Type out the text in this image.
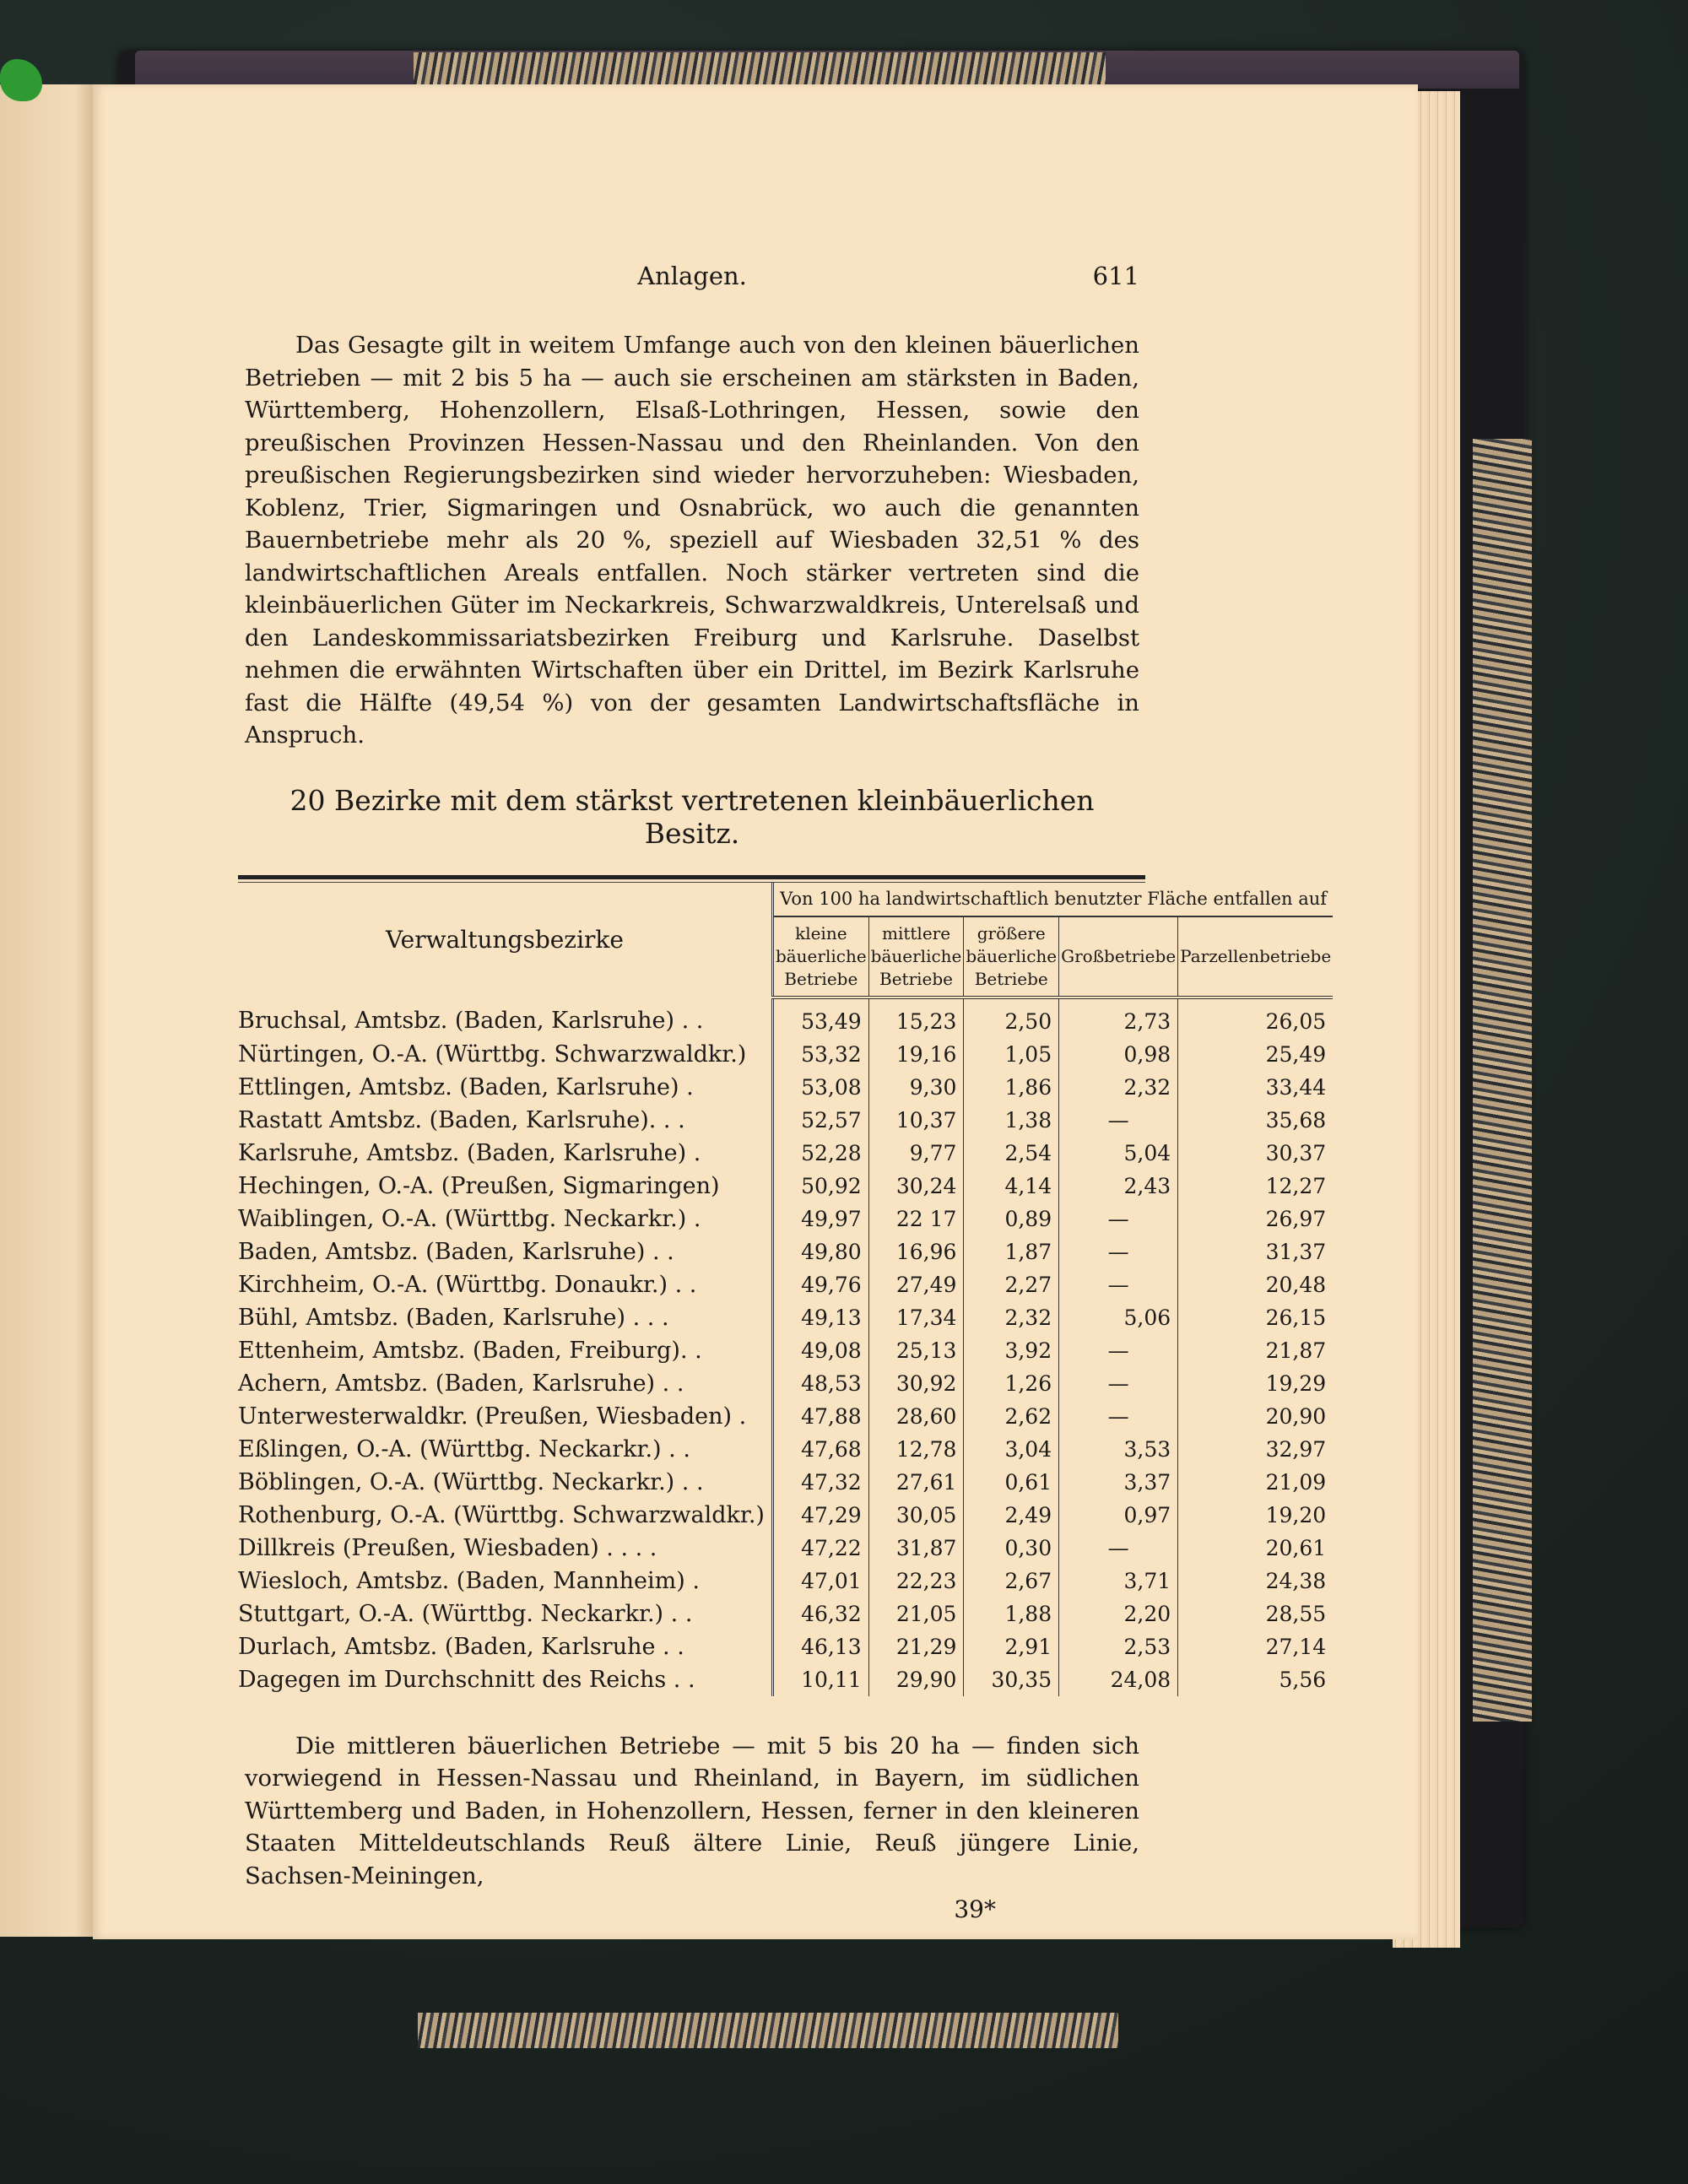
Anlagen.	611

Das Gesagte gilt in weitem Umfange auch von den kleinen bäuerlichen Betrieben — mit 2 bis 5 ha — auch sie erscheinen am stärksten in Baden, Württemberg, Hohenzollern, Elsaß-Lothringen, Hessen, sowie den preußischen Provinzen Hessen-Nassau und den Rheinlanden. Von den preußischen Regierungsbezirken sind wieder hervorzuheben: Wiesbaden, Koblenz, Trier, Sigmaringen und Osnabrück, wo auch die genannten Bauernbetriebe mehr als 20 %, speziell auf Wiesbaden 32,51 % des landwirtschaftlichen Areals entfallen. Noch stärker vertreten sind die kleinbäuerlichen Güter im Neckarkreis, Schwarzwaldkreis, Unterelsaß und den Landeskommissariatsbezirken Freiburg und Karlsruhe. Daselbst nehmen die erwähnten Wirtschaften über ein Drittel, im Bezirk Karlsruhe fast die Hälfte (49,54 %) von der gesamten Landwirtschaftsfläche in Anspruch.

20 Bezirke mit dem stärkst vertretenen kleinbäuerlichen Besitz.
Verwaltungsbezirke	Von 100 ha landwirtschaftlich benutzter Fläche entfallen auf				
	kleine bäuerliche Betriebe	mittlere bäuerliche Betriebe	größere bäuerliche Betriebe	Großbetriebe	Parzellenbetriebe
Bruchsal, Amtsbz. (Baden, Karlsruhe) . .	53,49	15,23	2,50	2,73	26,05
Nürtingen, O.-A. (Württbg. Schwarzwaldkr.)	53,32	19,16	1,05	0,98	25,49
Ettlingen, Amtsbz. (Baden, Karlsruhe) .	53,08	9,30	1,86	2,32	33,44
Rastatt Amtsbz. (Baden, Karlsruhe). . .	52,57	10,37	1,38	—	35,68
Karlsruhe, Amtsbz. (Baden, Karlsruhe) .	52,28	9,77	2,54	5,04	30,37
Hechingen, O.-A. (Preußen, Sigmaringen)	50,92	30,24	4,14	2,43	12,27
Waiblingen, O.-A. (Württbg. Neckarkr.) .	49,97	22 17	0,89	—	26,97
Baden, Amtsbz. (Baden, Karlsruhe) . .	49,80	16,96	1,87	—	31,37
Kirchheim, O.-A. (Württbg. Donaukr.) . .	49,76	27,49	2,27	—	20,48
Bühl, Amtsbz. (Baden, Karlsruhe) . . .	49,13	17,34	2,32	5,06	26,15
Ettenheim, Amtsbz. (Baden, Freiburg). .	49,08	25,13	3,92	—	21,87
Achern, Amtsbz. (Baden, Karlsruhe) . .	48,53	30,92	1,26	—	19,29
Unterwesterwaldkr. (Preußen, Wiesbaden) .	47,88	28,60	2,62	—	20,90
Eßlingen, O.-A. (Württbg. Neckarkr.) . .	47,68	12,78	3,04	3,53	32,97
Böblingen, O.-A. (Württbg. Neckarkr.) . .	47,32	27,61	0,61	3,37	21,09
Rothenburg, O.-A. (Württbg. Schwarzwaldkr.)	47,29	30,05	2,49	0,97	19,20
Dillkreis (Preußen, Wiesbaden) . . . .	47,22	31,87	0,30	—	20,61
Wiesloch, Amtsbz. (Baden, Mannheim) .	47,01	22,23	2,67	3,71	24,38
Stuttgart, O.-A. (Württbg. Neckarkr.) . .	46,32	21,05	1,88	2,20	28,55
Durlach, Amtsbz. (Baden, Karlsruhe . .	46,13	21,29	2,91	2,53	27,14
Dagegen im Durchschnitt des Reichs . .	10,11	29,90	30,35	24,08	5,56

Die mittleren bäuerlichen Betriebe — mit 5 bis 20 ha — finden sich vorwiegend in Hessen-Nassau und Rheinland, in Bayern, im südlichen Württemberg und Baden, in Hohenzollern, Hessen, ferner in den kleineren Staaten Mitteldeutschlands Reuß ältere Linie, Reuß jüngere Linie, Sachsen-Meiningen,

39*
